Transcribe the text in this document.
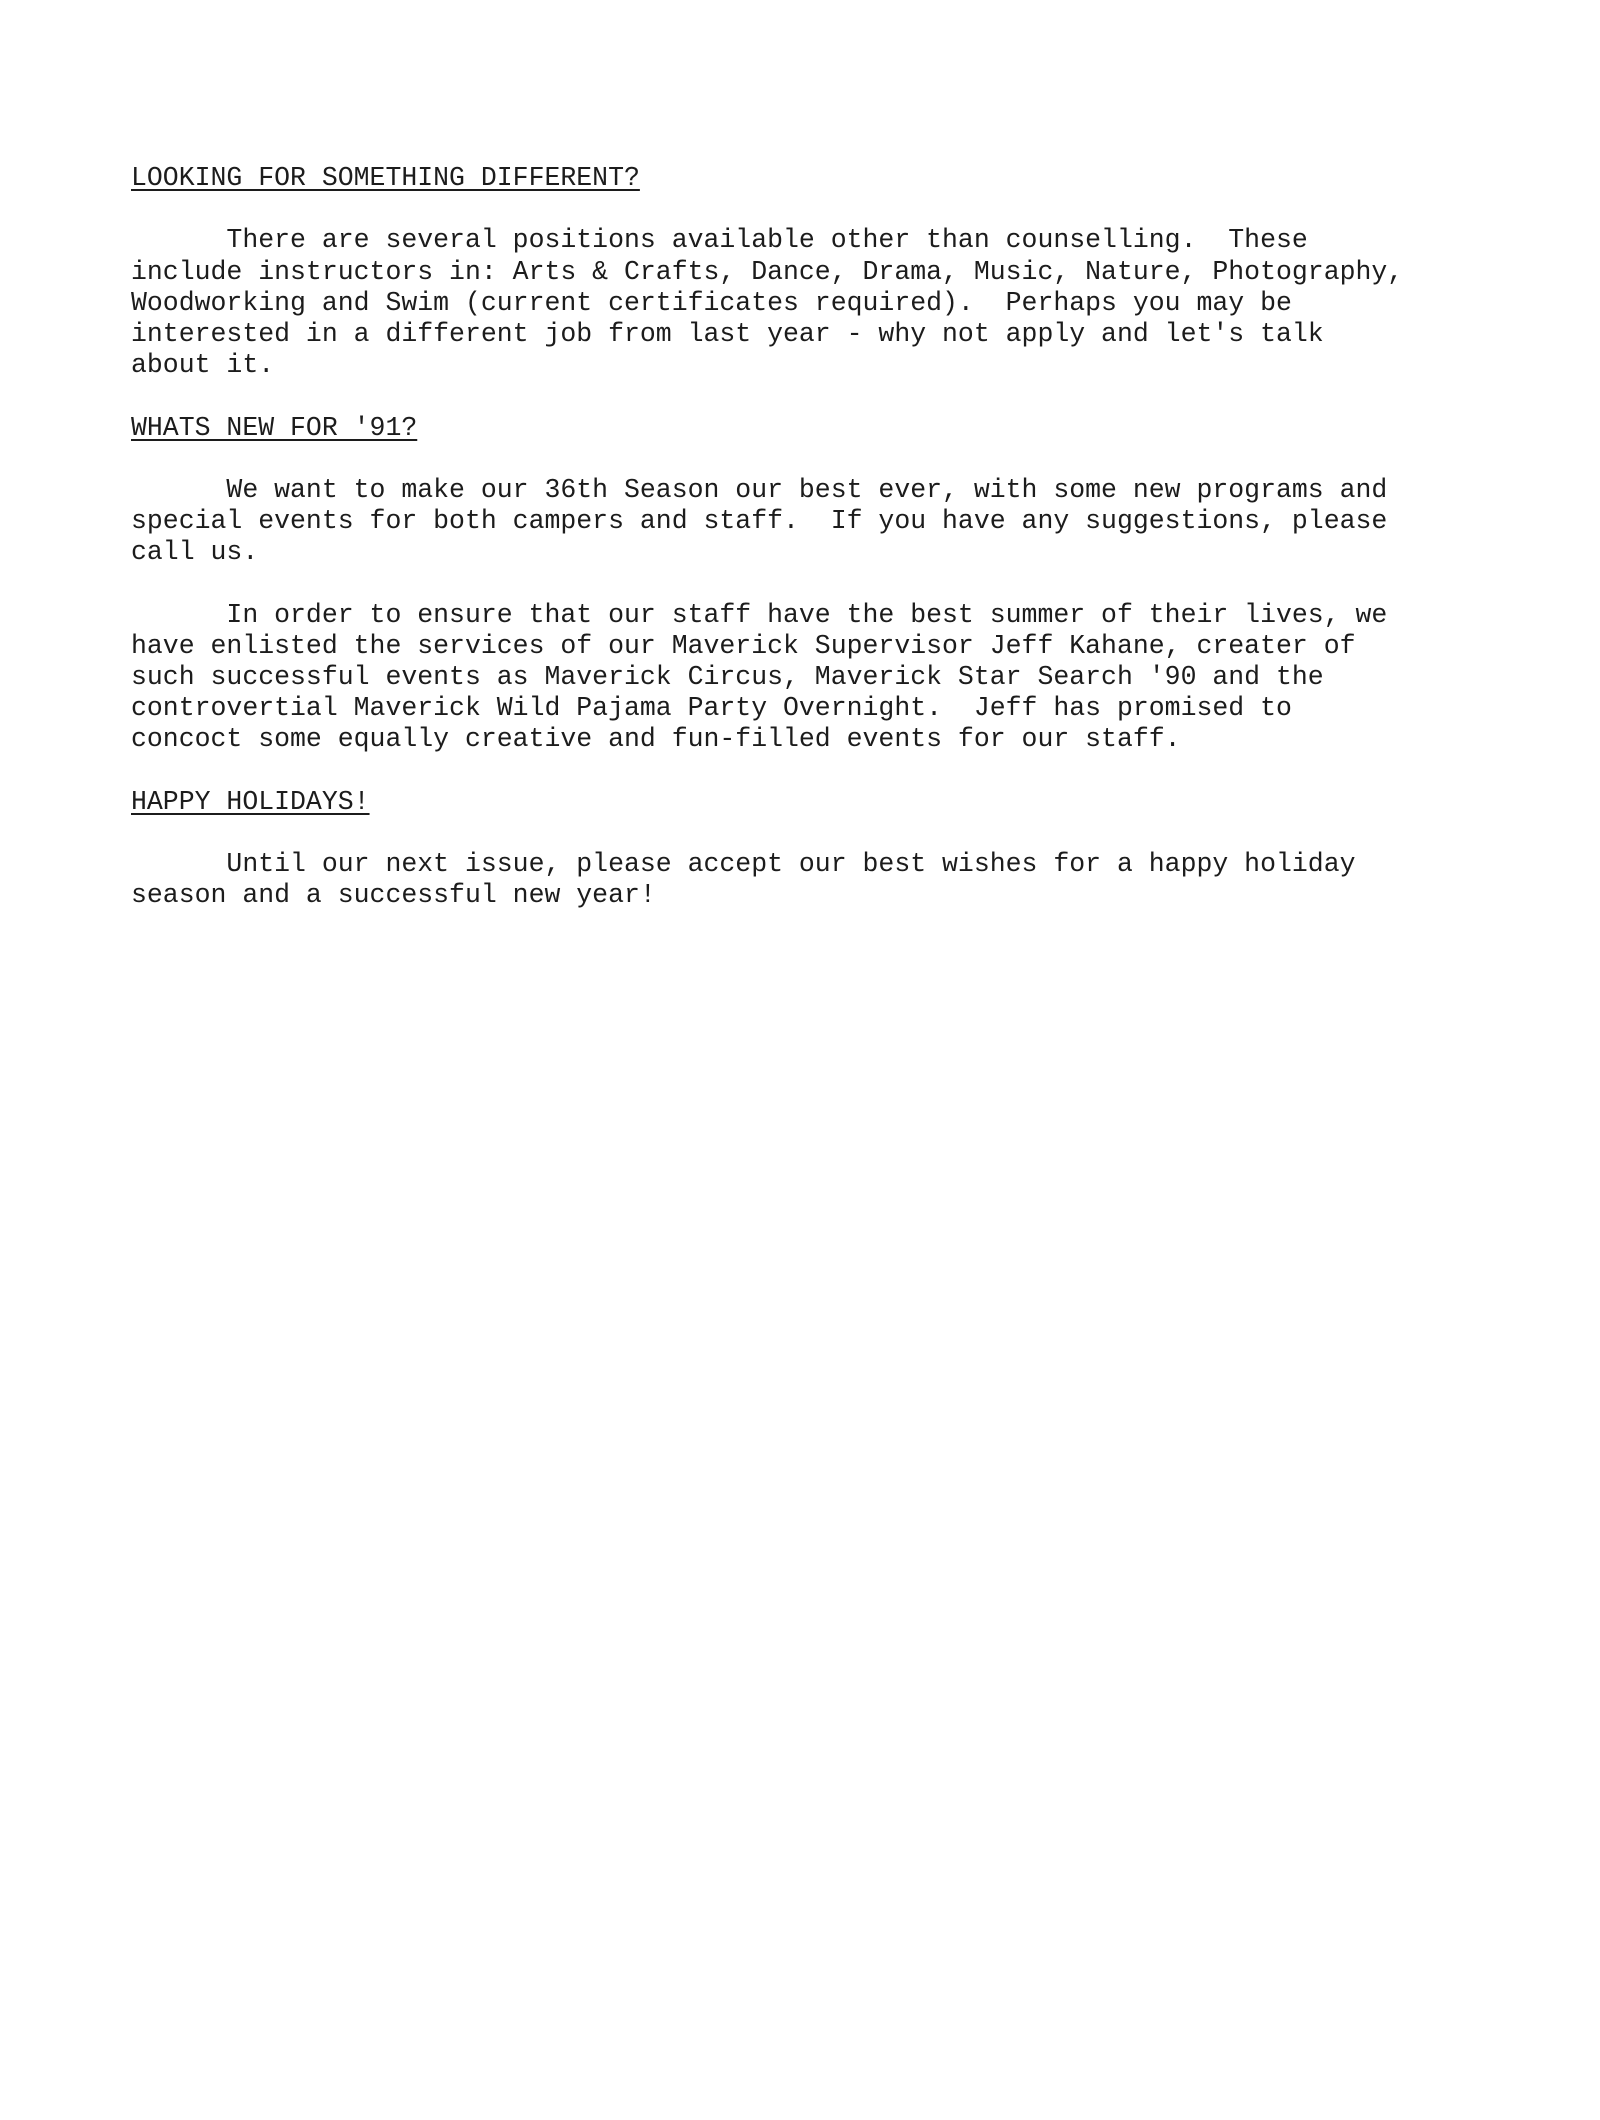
LOOKING FOR SOMETHING DIFFERENT?

There are several positions available other than counselling.  These

include instructors in: Arts & Crafts, Dance, Drama, Music, Nature, Photography,

Woodworking and Swim (current certificates required).  Perhaps you may be

interested in a different job from last year - why not apply and let's talk

about it.

WHATS NEW FOR '91?

We want to make our 36th Season our best ever, with some new programs and

special events for both campers and staff.  If you have any suggestions, please

call us.

In order to ensure that our staff have the best summer of their lives, we

have enlisted the services of our Maverick Supervisor Jeff Kahane, creater of

such successful events as Maverick Circus, Maverick Star Search '90 and the

controvertial Maverick Wild Pajama Party Overnight.  Jeff has promised to

concoct some equally creative and fun-filled events for our staff.

HAPPY HOLIDAYS!

Until our next issue, please accept our best wishes for a happy holiday

season and a successful new year!
